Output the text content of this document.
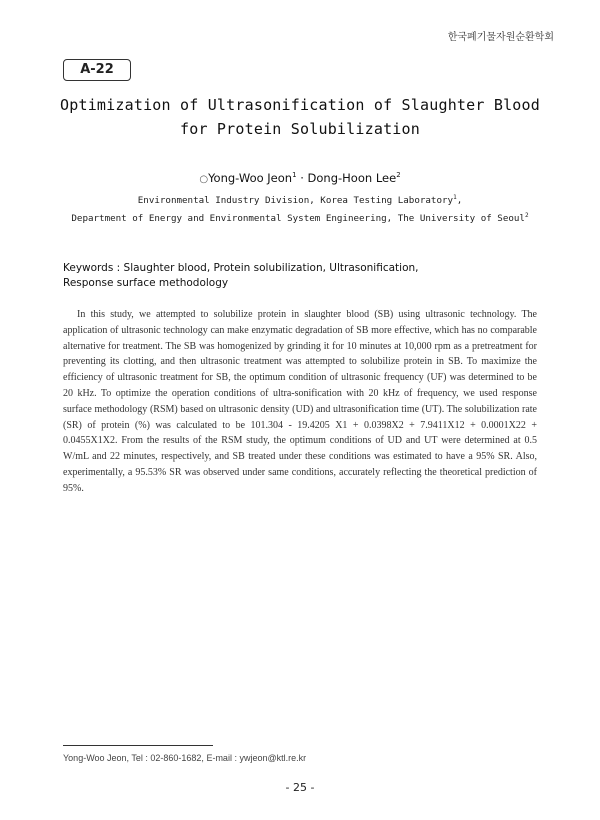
한국폐기물자원순환학회
A-22
Optimization of Ultrasonification of Slaughter Blood
for Protein Solubilization
○Yong-Woo Jeon$^1$ · Dong-Hoon Lee$^2$
Environmental Industry Division, Korea Testing Laboratory$^1$,
Department of Energy and Environmental System Engineering, The University of Seoul$^2$
Keywords : Slaughter blood, Protein solubilization, Ultrasonification,
Response surface methodology
In this study, we attempted to solubilize protein in slaughter blood (SB) using ultrasonic technology. The application of ultrasonic technology can make enzymatic degradation of SB more effective, which has no comparable alternative for treatment. The SB was homogenized by grinding it for 10 minutes at 10,000 rpm as a pretreatment for preventing its clotting, and then ultrasonic treatment was attempted to solubilize protein in SB. To maximize the efficiency of ultrasonic treatment for SB, the optimum condition of ultrasonic frequency (UF) was determined to be 20 kHz. To optimize the operation conditions of ultra-sonification with 20 kHz of frequency, we used response surface methodology (RSM) based on ultrasonic density (UD) and ultrasonification time (UT). The solubilization rate (SR) of protein (%) was calculated to be 101.304 - 19.4205 X1 + 0.0398X2 + 7.9411X12 + 0.0001X22 + 0.0455X1X2. From the results of the RSM study, the optimum conditions of UD and UT were determined at 0.5 W/mL and 22 minutes, respectively, and SB treated under these conditions was estimated to have a 95% SR. Also, experimentally, a 95.53% SR was observed under same conditions, accurately reflecting the theoretical prediction of 95%.
Yong-Woo Jeon, Tel : 02-860-1682, E-mail : ywjeon@ktl.re.kr
- 25 -
